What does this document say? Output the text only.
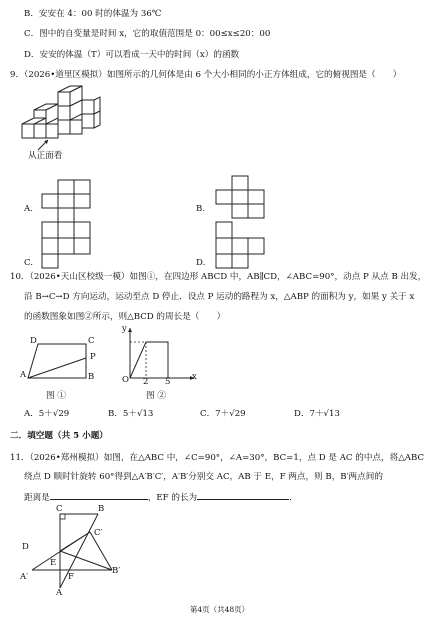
B．安安在 4：00 时的体温为 36℃
C．图中的自变量是时间 x，它的取值范围是 0：00≤x≤20：00
D．安安的体温（T）可以看成一天中的时间（x）的函数
9．（2026•道里区模拟）如图所示的几何体是由 6 个大小相同的小正方体组成，它的俯视图是（　　）
从正面看
A.	B.
C.	D.
10．（2026•天山区校级一模）如图①，在四边形 ABCD 中，AB∥CD，∠ABC=90°，动点 P 从点 B 出发，
沿 B→C→D 方向运动，运动至点 D 停止．设点 P 运动的路程为 x，△ABP 的面积为 y，如果 y 关于 x
的函数图象如图②所示，则△BCD 的周长是（　　）
D	C
P
A	B
图 ①
y
O 2 5	x
图 ②
A．5＋√29	B．5＋√13	C．7＋√29	D．7＋√13
二．填空题（共 5 小题）
11．（2026•郑州模拟）如图，在△ABC 中，∠C=90°，∠A=30°，BC=1，点 D 是 AC 的中点，将△ABC
绕点 D 顺时针旋转 60°得到△A′B′C′，A′B′分别交 AC，AB 于 E，F 两点，则 B，B′两点间的
距离是	，EF 的长为	．
C	B
C′
D
E
A′	F
B′
A
第4页（共48页）
